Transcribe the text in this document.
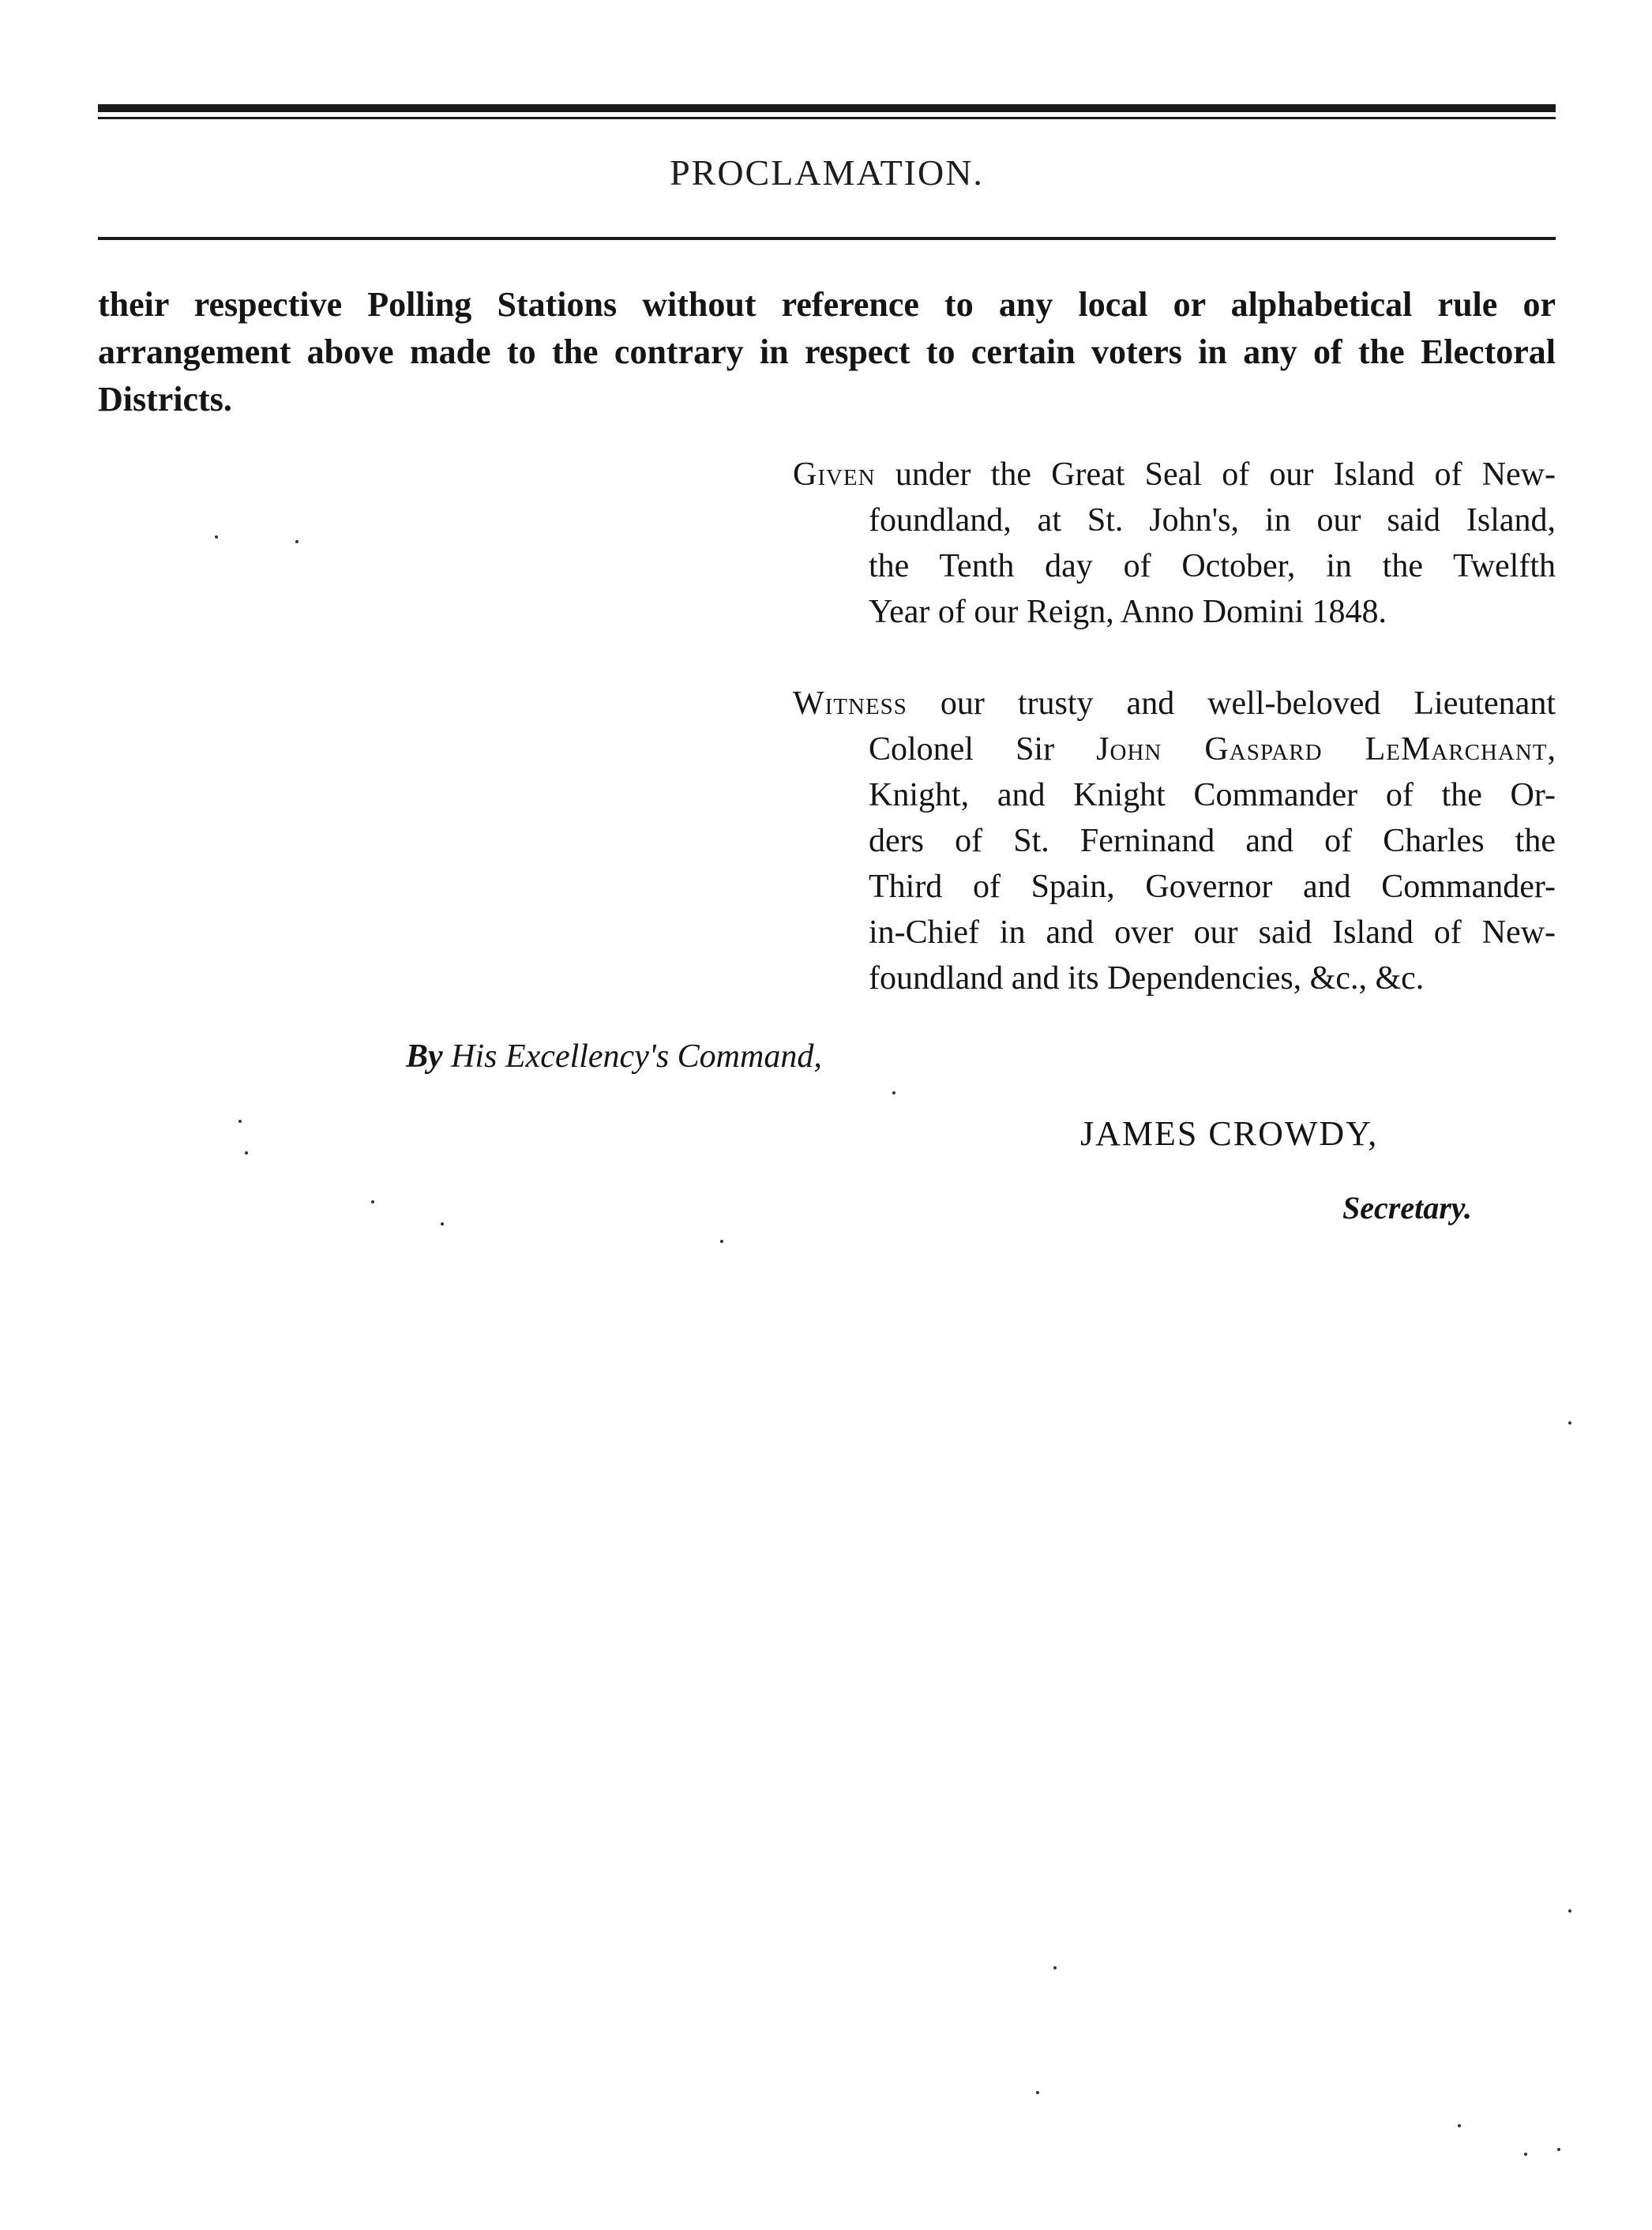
PROCLAMATION.
their respective Polling Stations without reference to any local or alphabetical rule or arrangement above made to the contrary in respect to certain voters in any of the Electoral Districts.
Given under the Great Seal of our Island of New-
foundland, at St. John's, in our said Island,
the Tenth day of October, in the Twelfth
Year of our Reign, Anno Domini 1848.
Witness our trusty and well-beloved Lieutenant
Colonel Sir John Gaspard LeMarchant,
Knight, and Knight Commander of the Or-
ders of St. Ferninand and of Charles the
Third of Spain, Governor and Commander-
in-Chief in and over our said Island of New-
foundland and its Dependencies, &c., &c.
By His Excellency's Command,
JAMES CROWDY,
Secretary.
